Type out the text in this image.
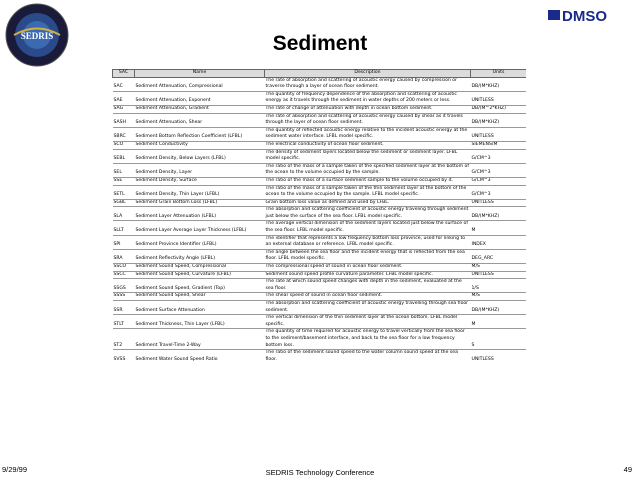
SEDRIS
DMSO
Sediment
SAC	Name	Description	Units
SAC	Sediment Attenuation, Compressional	The rate of absorption and scattering of acoustic energy caused by compression or traverse through a layer of ocean floor sediment.	DB/(M*KHZ)
SAE	Sediment Attenuation, Exponent	The quantity of frequency dependence of the absorption and scattering of acoustic energy as it travels through the sediment in water depths of 200 meters or less.	UNITLESS
SAG	Sediment Attenuation, Gradient	The rate of change of attenuation with depth in ocean bottom sediment.	DB/(M^2*KHZ)
SASH	Sediment Attenuation, Shear	The rate of absorption and scattering of acoustic energy caused by shear as it travels through the layer of ocean floor sediment.	DB/(M*KHZ)
SBRC	Sediment Bottom Reflection Coefficient (LFBL)	The quantity of reflected acoustic energy relative to the incident acoustic energy at the sediment water interface. LFBL model specific.	UNITLESS
SCO	Sediment Conductivity	The electrical conductivity of ocean floor sediment.	SIEMENS/M
SEBL	Sediment Density, Below Layers (LFBL)	The density of sediment layers located below the sediment or sediment layer. LFBL model specific.	G/CM^3
SEL	Sediment Density, Layer	The ratio of the mass of a sample taken of the specified sediment layer at the bottom of the ocean to the volume occupied by the sample.	G/CM^3
SSE	Sediment Density, Surface	The ratio of the mass of a surface sediment sample to the volume occupied by it.	G/CM^3
SETL	Sediment Density, Thin Layer (LFBL)	The ratio of the mass of a sample taken of the thin sediment layer at the bottom of the ocean to the volume occupied by the sample. LFBL model specific.	G/CM^3
SGBL	Sediment Grain Bottom Loss (LFBL)	Grain bottom loss value as defined and used by LFBL.	UNITLESS
SLA	Sediment Layer Attenuation (LFBL)	The absorption and scattering coefficient of acoustic energy traveling through sediment just below the surface of the sea floor. LFBL model specific.	DB/(M*KHZ)
SLLT	Sediment Layer Average Layer Thickness (LFBL)	The average vertical dimension of the sediment layers located just below the surface of the sea floor. LFBL model specific.	M
SPI	Sediment Province Identifier (LFBL)	The identifier that represents a low frequency bottom loss province, used for linking to an external database or reference. LFBL model specific.	INDEX
SRA	Sediment Reflectivity Angle (LFBL)	The angle between the sea floor and the incident energy that is reflected from the sea floor. LFBL model specific.	DEG_ARC
SSCO	Sediment Sound Speed, Compressional	The compressional speed of sound in ocean floor sediment.	M/S
SSCC	Sediment Sound Speed, Curvature (LFBL)	Sediment sound speed profile curvature parameter. LFBL model specific.	UNITLESS
SSGS	Sediment Sound Speed, Gradient (Top)	The rate at which sound speed changes with depth in the sediment, evaluated at the sea floor.	1/S
SSSS	Sediment Sound Speed, Shear	The shear speed of sound in ocean floor sediment.	M/S
SSR	Sediment Surface Attenuation	The absorption and scattering coefficient of acoustic energy travelling through sea floor sediment.	DB/(M*KHZ)
STLT	Sediment Thickness, Thin Layer (LFBL)	The vertical dimension of the thin sediment layer at the ocean bottom. LFBL model specific.	M
ST2	Sediment Travel-Time 2-Way	The quantity of time required for acoustic energy to travel vertically from the sea floor to the sediment/basement interface, and back to the sea floor for a low frequency bottom loss.	S
SVSS	Sediment Water Sound Speed Ratio	The ratio of the sediment sound speed to the water column sound speed at the sea floor.	UNITLESS
9/29/99	SEDRIS Technology Conference	49
